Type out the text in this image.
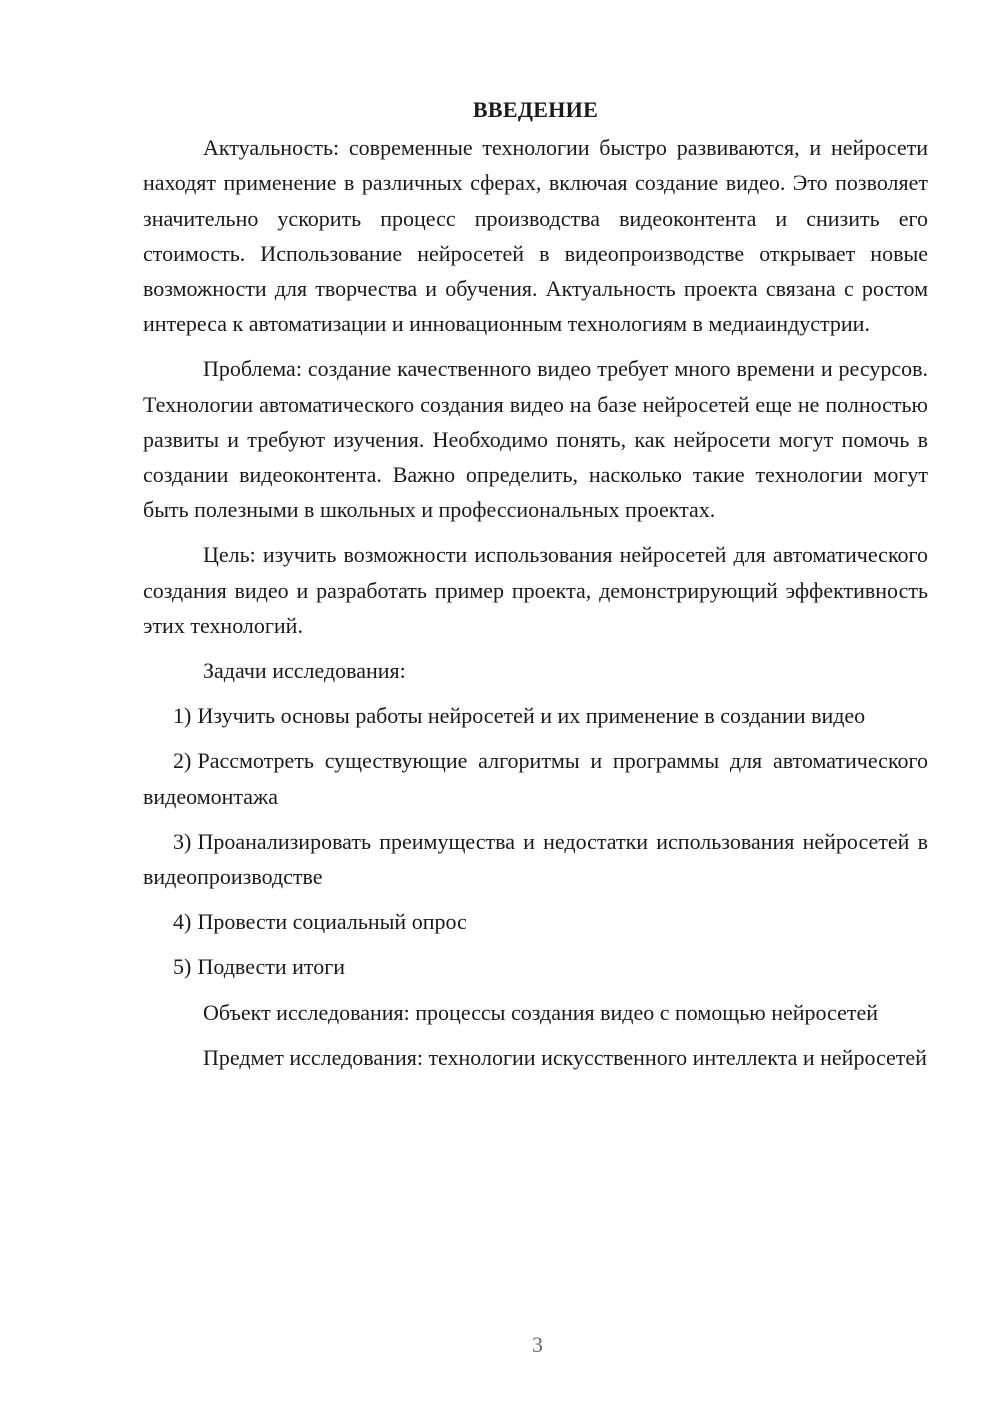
ВВЕДЕНИЕ

Актуальность: современные технологии быстро развиваются, и нейросети находят применение в различных сферах, включая создание видео. Это позволяет значительно ускорить процесс производства видеоконтента и снизить его стоимость. Использование нейросетей в видеопроизводстве открывает новые возможности для творчества и обучения. Актуальность проекта связана с ростом интереса к автоматизации и инновационным технологиям в медиаиндустрии.

Проблема: создание качественного видео требует много времени и ресурсов. Технологии автоматического создания видео на базе нейросетей еще не полностью развиты и требуют изучения. Необходимо понять, как нейросети могут помочь в создании видеоконтента. Важно определить, насколько такие технологии могут быть полезными в школьных и профессиональных проектах.

Цель: изучить возможности использования нейросетей для автоматического создания видео и разработать пример проекта, демонстрирующий эффективность этих технологий.

Задачи исследования:

1) Изучить основы работы нейросетей и их применение в создании видео

2) Рассмотреть существующие алгоритмы и программы для автоматического видеомонтажа

3) Проанализировать преимущества и недостатки использования нейросетей в видеопроизводстве

4) Провести социальный опрос

5) Подвести итоги

Объект исследования: процессы создания видео с помощью нейросетей

Предмет исследования: технологии искусственного интеллекта и нейросетей

3
